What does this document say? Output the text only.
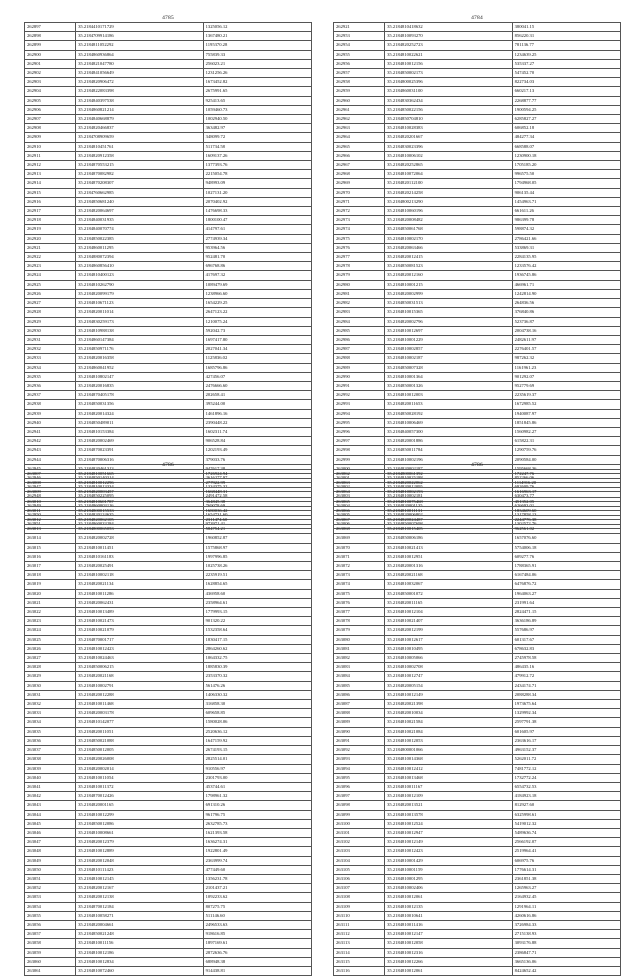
4785
262897	35.2184410171729	1325056.12
262898	35.2184709914186	1367480.21
262899	35.2184811052292	1195370.28
262900	35.2184860936864	755839.33
262901	35.2184821047780	256023.21
262902	35.2184841056649	1231256.26
262903	35.2184820906472	1673452.82
262904	35.2184822083398	2675991.65
262905	35.2184840397538	925413.65
262906	35.2184860821214	1059460.73
262907	35.2184840668879	1002940.50
262908	35.2184820466837	363482.97
262909	35.2184708909659	348099.72
262910	35.2184810451761	511734.58
262911	35.2184820912358	1609137.26
262912	35.2184870553215	1377393.76
262913	35.2184870082982	2215054.78
262914	35.2184870208307	948993.09
262915	35.2184760662985	1027131.20
262916	35.2184850681240	2070402.92
262917	35.2184820064697	1476698.33
262918	35.2184840031935	1800100.47
262919	35.2184840070774	414797.61
262920	35.2184850022385	2774939.34
262921	35.2184860011295	953964.56
262922	35.2184880072394	952481.70
262923	35.2184860856410	696768.86
262924	35.2184810400123	417697.32
262925	35.2184810262790	1089479.69
262926	35.2184820099179	1238966.60
262927	35.2184810671123	1654229.25
262928	35.2184820011014	2647123.22
262929	35.2184830259173	1210075.24
262930	35.2184810988138	592042.73
262931	35.2184860147384	1697417.80
262932	35.2184850971176	2027041.34
262933	35.2184820016358	1125836.02
262934	35.2184860041952	1685796.86
262935	35.2184810802147	427456.07
262936	35.2184820016835	2476666.60
262937	35.2184870405178	202658.41
262938	35.2184850031356	395244.00
262939	35.2184820014324	1461896.16
262940	35.2184850489011	2390448.22
262941	35.2184810153384	1602311.74
262942	35.2184820002469	906528.84
262943	35.2184870023391	1202193.49
262944	35.2184870006316	379033.76
262945	35.2184820461313	947617.38
262946	35.2184850140314	2616277.97
262947	35.2184810013334	1334375.32
262948	35.2184850225095	2491472.58
262949	35.2184860003116	769078.69
262950	35.2184820124635	1654731.60
262951	35.2184860033284	973971.41
4784
262921	35.2184810418632	380041.15
262953	35.2184810093270	856220.31
262954	35.2184820252723	781136.77
262955	35.2184810022621	1234639.25
262956	35.2184810012156	535337.27
262957	35.2184850002173	547452.70
262958	35.2184800025396	822734.03
262959	35.2184860031100	660217.13
262960	35.2184830362434	2268877.77
262961	35.2184850022156	1900594.25
262962	35.2184850704810	6285827.27
262963	35.2184810028383	606852.18
262964	35.2184820201667	484277.34
262965	35.2184830023396	668588.07
262966	35.2184810006102	1230900.18
262967	35.2184820252865	1705185.20
262968	35.2184810072064	996575.50
262969	35.2184820112100	1794968.05
262970	35.2184820214258	906135.44
262971	35.2184800213290	1454963.71
262972	35.2184810060196	661611.26
262973	35.2184820008482	986399.78
262974	35.2184850061768	598874.32
262975	35.2184810002170	2786421.66
262976	35.2184820063466	533869.31
262977	35.2184820012415	2284135.95
262978	35.2184850081523	1233576.42
262979	35.2184820012160	1936745.86
262980	35.2184810001215	466961.71
262981	35.2184820002999	1242814.90
262982	35.2184850031513	264836.56
262983	35.2184810015365	376840.86
262984	35.2184820002796	523736.87
262985	35.2184810012697	2004738.16
262986	35.2184810001229	2482611.97
262987	35.2184810002857	2276401.57
262988	35.2184810002187	987262.32
262989	35.2184850007328	1161961.23
262990	35.2184810001364	901292.07
262991	35.2184850001326	952779.69
262992	35.2184810012003	2235619.37
262993	35.2184820011653	1672985.52
262994	35.2184850028192	1940087.97
262995	35.2184810006469	1851845.86
262996	35.2184840057300	1560982.27
262997	35.2184820001886	615822.31
262998	35.2184850011784	1290759.76
262999	35.2184810002196	2090584.00
263000	35.2184820002187	1595668.36
263001	35.2184810025188	852266.06
263002	35.2184820012095	692609.76
263003	35.2184810002181	630473.77
263004	35.2184820001135	626693.01
263005	35.2184820006802	1317858.13
263006	35.2184850007698	1302572.76
4786
263007	35.2184810051665	1726924.94
263008	35.2184810012296	277922.99
263009	35.2184820003457	1668448.31
263010	35.2184810601787	364845.38
263011	35.2184800015533	1680036.42
263012	35.2184820062105	2311474.60
263013	35.2184800065053	584754.21
263014	35.2184820002728	1960852.87
263015	35.2184810011451	1575868.97
263016	35.2184810161183	1997996.85
263017	35.2184820025491	1025738.26
263018	35.2184810002118	2235919.51
263019	35.2184820021134	1628854.65
263020	35.2184810011286	436958.60
263021	35.2184820062431	2358964.61
263022	35.2184810013489	1779993.15
263023	35.2184810021473	901320.22
263024	35.2184810021079	1532358.64
263025	35.2184870001717	1830417.15
263026	35.2184810012423	2864260.62
263027	35.2184810024463	1064332.75
263028	35.2184850006215	1885830.39
263029	35.2184820021168	2353370.32
263030	35.2184810002791	561476.26
263031	35.2184820012288	1406330.32
263032	35.2184810011468	316858.30
263033	35.2184820003178	609658.85
263034	35.2184810142077	1580028.06
263035	35.2184820011051	2520636.12
263036	35.2184850021088	1647159.92
263037	35.2184850012005	2674193.15
263038	35.2184820026008	2825514.01
263039	35.2184820002014	910556.97
263040	35.2184810011054	2301793.00
263041	35.2184810011372	453744.61
263042	35.2184870012426	1798961.32
263043	35.2184820001165	691310.26
263044	35.2184810012299	961796.75
263045	35.2184850012086	2632785.73
263046	35.2184810008661	1621393.58
263047	35.2184820012379	1636274.31
263048	35.2184810012889	1922801.49
263049	35.2184820012048	2363999.74
263050	35.2184810111423	477449.60
263051	35.2184810012145	1356231.78
263052	35.2184820012167	2101437.21
263053	35.2184820012138	1092233.62
263054	35.2184870012184	807275.75
263055	35.2184810058271	511146.60
263056	35.2184820004661	2496533.63
263057	35.2184850021248	918616.85
263058	35.2184810011156	1897169.61
263059	35.2184810012186	2872636.76
263060	35.2184810012834	688948.38
263061	35.2184810072460	914438.81
4786
263062	35.2184800061392	172247.76
263063	35.2184820022062	1114916.20
263064	35.2184810002193	1616963.17
263065	35.2184810075468	451352.05
263066	35.2184810011131	1834609.60
263067	35.2184820024487	2244776.38
263068	35.2184810015405	962561.02
263069	35.2184850006186	1657076.60
263070	35.2184810021413	5754006.18
263071	35.2184810012951	609277.76
263072	35.2184820001316	1788365.91
263073	35.2184820021168	6167484.06
263074	35.2184810032067	6476876.72
263075	35.2184850001072	1964063.27
263076	35.2184820011165	231991.64
263077	35.2184810012104	2824471.15
263078	35.2184810021407	3636186.89
263079	35.2184820012199	557686.97
263080	35.2184810012617	601317.67
263081	35.2184810010495	678632.83
263082	35.2184810005066	2745978.58
263083	35.2184810002708	486435.16
263084	35.2184810012747	479912.72
263085	35.2184820005154	2434174.71
263086	35.2184810012149	2088288.34
263087	35.2184820021398	1973675.64
263088	35.2184820010034	1329992.34
263089	35.2184810021584	2597791.38
263090	35.2184810021084	601605.97
263091	35.2184810012053	2363616.17
263092	35.2184800001066	4963152.37
263093	35.2184810014368	5262011.72
263094	35.2184810012412	7481772.12
263095	35.2184810013468	1732772.24
263096	35.2184810011167	6554732.53
263097	35.2184810012109	4184923.18
263098	35.2184820013521	812927.60
263099	35.2184810013578	6325998.61
263100	35.2184810012524	5419012.32
263101	35.2184810012947	5489636.74
263102	35.2184810012149	2566192.07
263103	35.2184810012423	2519964.41
263104	35.2184810001429	606975.76
263105	35.2184810001159	1776614.31
263106	35.2184810001295	2361851.38
263107	35.2184810002406	1265963.27
263108	35.2184810012061	2164932.45
263109	35.2184810012135	1291964.11
263110	35.2184810010641	4260616.86
263111	35.2184810011416	3726984.33
263112	35.2184810012147	2715138.93
263113	35.2184810012058	3093176.88
263114	35.2184810012316	2386847.71
263115	35.2184810012266	3665136.06
263116	35.2184810012061	8424652.42
